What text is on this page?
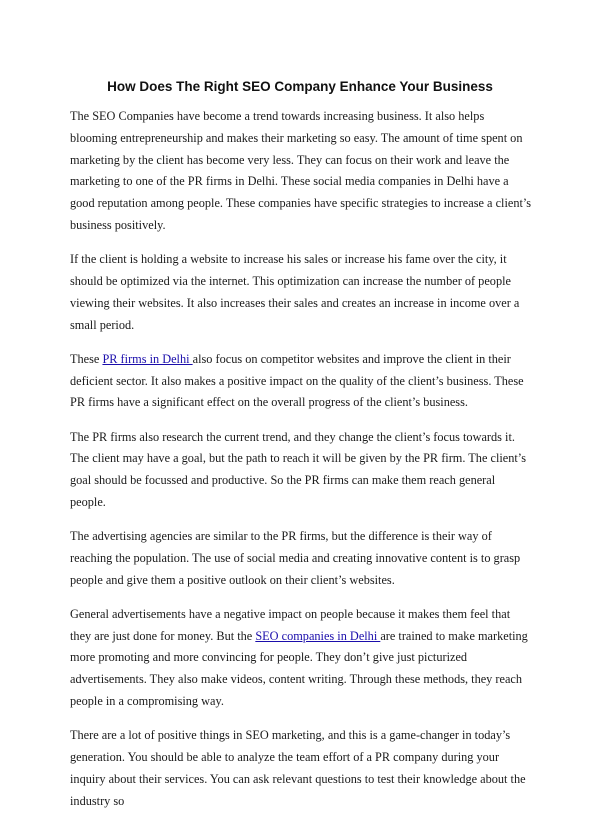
How Does The Right SEO Company Enhance Your Business

The SEO Companies have become a trend towards increasing business. It also helps blooming entrepreneurship and makes their marketing so easy. The amount of time spent on marketing by the client has become very less. They can focus on their work and leave the marketing to one of the PR firms in Delhi. These social media companies in Delhi have a good reputation among people. These companies have specific strategies to increase a client’s business positively.

If the client is holding a website to increase his sales or increase his fame over the city, it should be optimized via the internet. This optimization can increase the number of people viewing their websites. It also increases their sales and creates an increase in income over a small period.

These PR firms in Delhi also focus on competitor websites and improve the client in their deficient sector. It also makes a positive impact on the quality of the client’s business. These PR firms have a significant effect on the overall progress of the client’s business.

The PR firms also research the current trend, and they change the client’s focus towards it. The client may have a goal, but the path to reach it will be given by the PR firm. The client’s goal should be focussed and productive. So the PR firms can make them reach general people.

The advertising agencies are similar to the PR firms, but the difference is their way of reaching the population. The use of social media and creating innovative content is to grasp people and give them a positive outlook on their client’s websites.

General advertisements have a negative impact on people because it makes them feel that they are just done for money. But the SEO companies in Delhi are trained to make marketing more promoting and more convincing for people. They don’t give just picturized advertisements. They also make videos, content writing. Through these methods, they reach people in a compromising way.

There are a lot of positive things in SEO marketing, and this is a game-changer in today’s generation. You should be able to analyze the team effort of a PR company during your inquiry about their services. You can ask relevant questions to test their knowledge about the industry so
